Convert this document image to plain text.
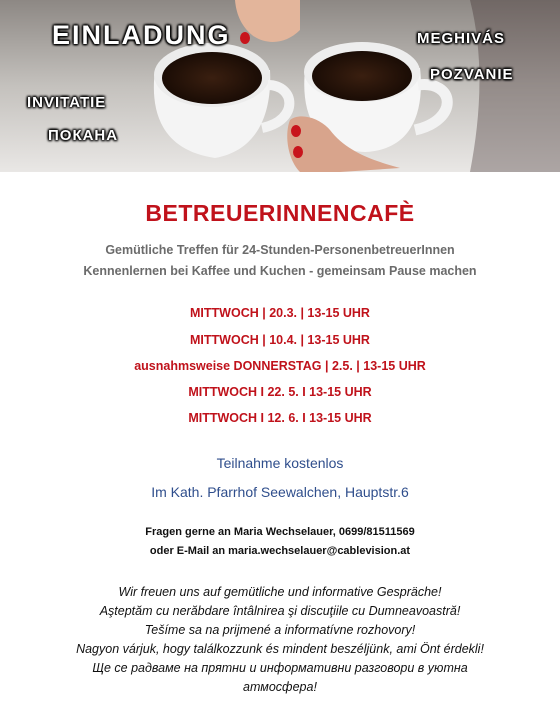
EINLADUNG	MEGHIVÁS
POZVANIE
INVITATIE
ПОКАНА
BETREUERINNENCAFÈ
Gemütliche Treffen für 24-Stunden-PersonenbetreuerInnen
Kennenlernen bei Kaffee und Kuchen - gemeinsam Pause machen
MITTWOCH | 20.3. | 13-15 UHR
MITTWOCH | 10.4. | 13-15 UHR
ausnahmsweise DONNERSTAG | 2.5. | 13-15 UHR
MITTWOCH I 22. 5. I 13-15 UHR
MITTWOCH I 12. 6. I 13-15 UHR
Teilnahme kostenlos
Im Kath. Pfarrhof Seewalchen, Hauptstr.6
Fragen gerne an Maria Wechselauer, 0699/81511569
oder E-Mail an maria.wechselauer@cablevision.at
Wir freuen uns auf gemütliche und informative Gespräche!
Aşteptăm cu nerăbdare întâlnirea şi discuţiile cu Dumneavoastră!
Tešíme sa na prijmené a informatívne rozhovory!
Nagyon várjuk, hogy találkozzunk és mindent beszéljünk, ami Önt érdekli!
Ще се радваме на прятни и информативни разговори в уютна
атмосфера!
